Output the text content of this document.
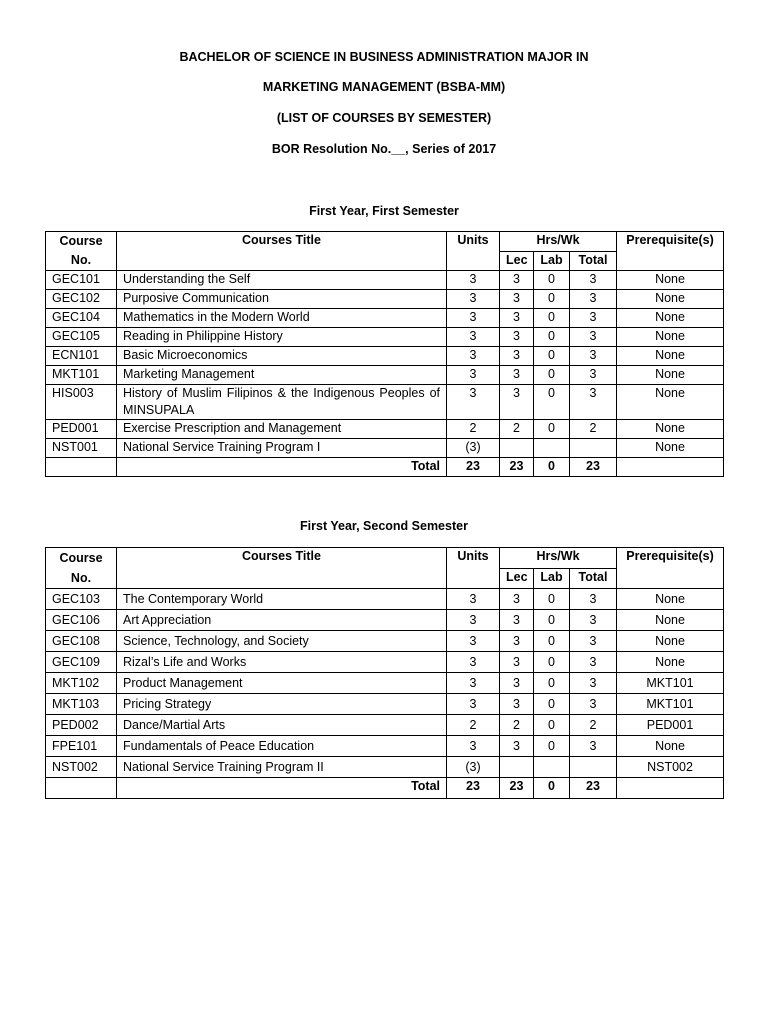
BACHELOR OF SCIENCE IN BUSINESS ADMINISTRATION MAJOR IN
MARKETING MANAGEMENT (BSBA-MM)
(LIST OF COURSES BY SEMESTER)
BOR Resolution No.__, Series of 2017
First Year, First Semester
Course
No.	Courses Title	Units	Hrs/Wk			Prerequisite(s)
			Lec	Lab	Total	
GEC101	Understanding the Self	3	3	0	3	None
GEC102	Purposive Communication	3	3	0	3	None
GEC104	Mathematics in the Modern World	3	3	0	3	None
GEC105	Reading in Philippine History	3	3	0	3	None
ECN101	Basic Microeconomics	3	3	0	3	None
MKT101	Marketing Management	3	3	0	3	None
HIS003	History of Muslim Filipinos & the Indigenous Peoples of MINSUPALA	3	3	0	3	None
PED001	Exercise Prescription and Management	2	2	0	2	None
NST001	National Service Training Program I	(3)				None
	Total	23	23	0	23	
First Year, Second Semester
Course
No.	Courses Title	Units	Hrs/Wk			Prerequisite(s)
			Lec	Lab	Total	
GEC103	The Contemporary World	3	3	0	3	None
GEC106	Art Appreciation	3	3	0	3	None
GEC108	Science, Technology, and Society	3	3	0	3	None
GEC109	Rizal’s Life and Works	3	3	0	3	None
MKT102	Product Management	3	3	0	3	MKT101
MKT103	Pricing Strategy	3	3	0	3	MKT101
PED002	Dance/Martial Arts	2	2	0	2	PED001
FPE101	Fundamentals of Peace Education	3	3	0	3	None
NST002	National Service Training Program II	(3)				NST002
	Total	23	23	0	23	
